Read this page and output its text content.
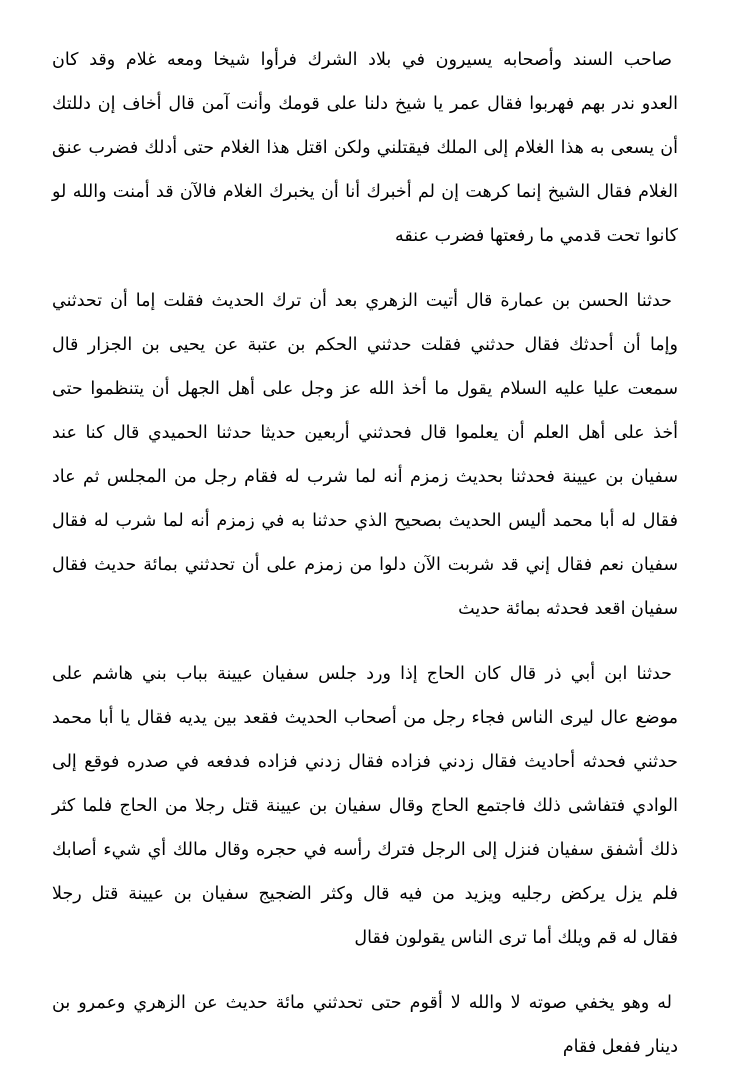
صاحب السند وأصحابه يسيرون في بلاد الشرك فرأوا شيخا ومعه غلام وقد كان
العدو ندر بهم فهربوا فقال عمر يا شيخ دلنا على قومك وأنت آمن قال أخاف إن دللتك
أن يسعى به هذا الغلام إلى الملك فيقتلني ولكن اقتل هذا الغلام حتى أدلك فضرب عنق
الغلام فقال الشيخ إنما كرهت إن لم أخبرك أنا أن يخبرك الغلام فالآن قد أمنت والله لو
كانوا تحت قدمي ما رفعتها فضرب عنقه
حدثنا الحسن بن عمارة قال أتيت الزهري بعد أن ترك الحديث فقلت إما أن تحدثني
وإما أن أحدثك فقال حدثني فقلت حدثني الحكم بن عتبة عن يحيى بن الجزار قال
سمعت عليا عليه السلام يقول ما أخذ الله عز وجل على أهل الجهل أن يتنظموا حتى
أخذ على أهل العلم أن يعلموا قال فحدثني أربعين حديثا حدثنا الحميدي قال كنا عند
سفيان بن عيينة فحدثنا بحديث زمزم أنه لما شرب له فقام رجل من المجلس ثم عاد
فقال له أبا محمد أليس الحديث بصحيح الذي حدثنا به في زمزم أنه لما شرب له فقال
سفيان نعم فقال إني قد شربت الآن دلوا من زمزم على أن تحدثني بمائة حديث فقال
سفيان اقعد فحدثه بمائة حديث
حدثنا ابن أبي ذر قال كان الحاج إذا ورد جلس سفيان عيينة بباب بني هاشم على
موضع عال ليرى الناس فجاء رجل من أصحاب الحديث فقعد بين يديه فقال يا أبا محمد
حدثني فحدثه أحاديث فقال زدني فزاده فقال زدني فزاده فدفعه في صدره فوقع إلى
الوادي فتفاشى ذلك فاجتمع الحاج وقال سفيان بن عيينة قتل رجلا من الحاج فلما كثر
ذلك أشفق سفيان فنزل إلى الرجل فترك رأسه في حجره وقال مالك أي شيء أصابك
فلم يزل يركض رجليه ويزيد من فيه قال وكثر الضجيج سفيان بن عيينة قتل رجلا
فقال له قم ويلك أما ترى الناس يقولون فقال
له وهو يخفي صوته لا والله لا أقوم حتى تحدثني مائة حديث عن الزهري وعمرو بن
دينار ففعل فقام
